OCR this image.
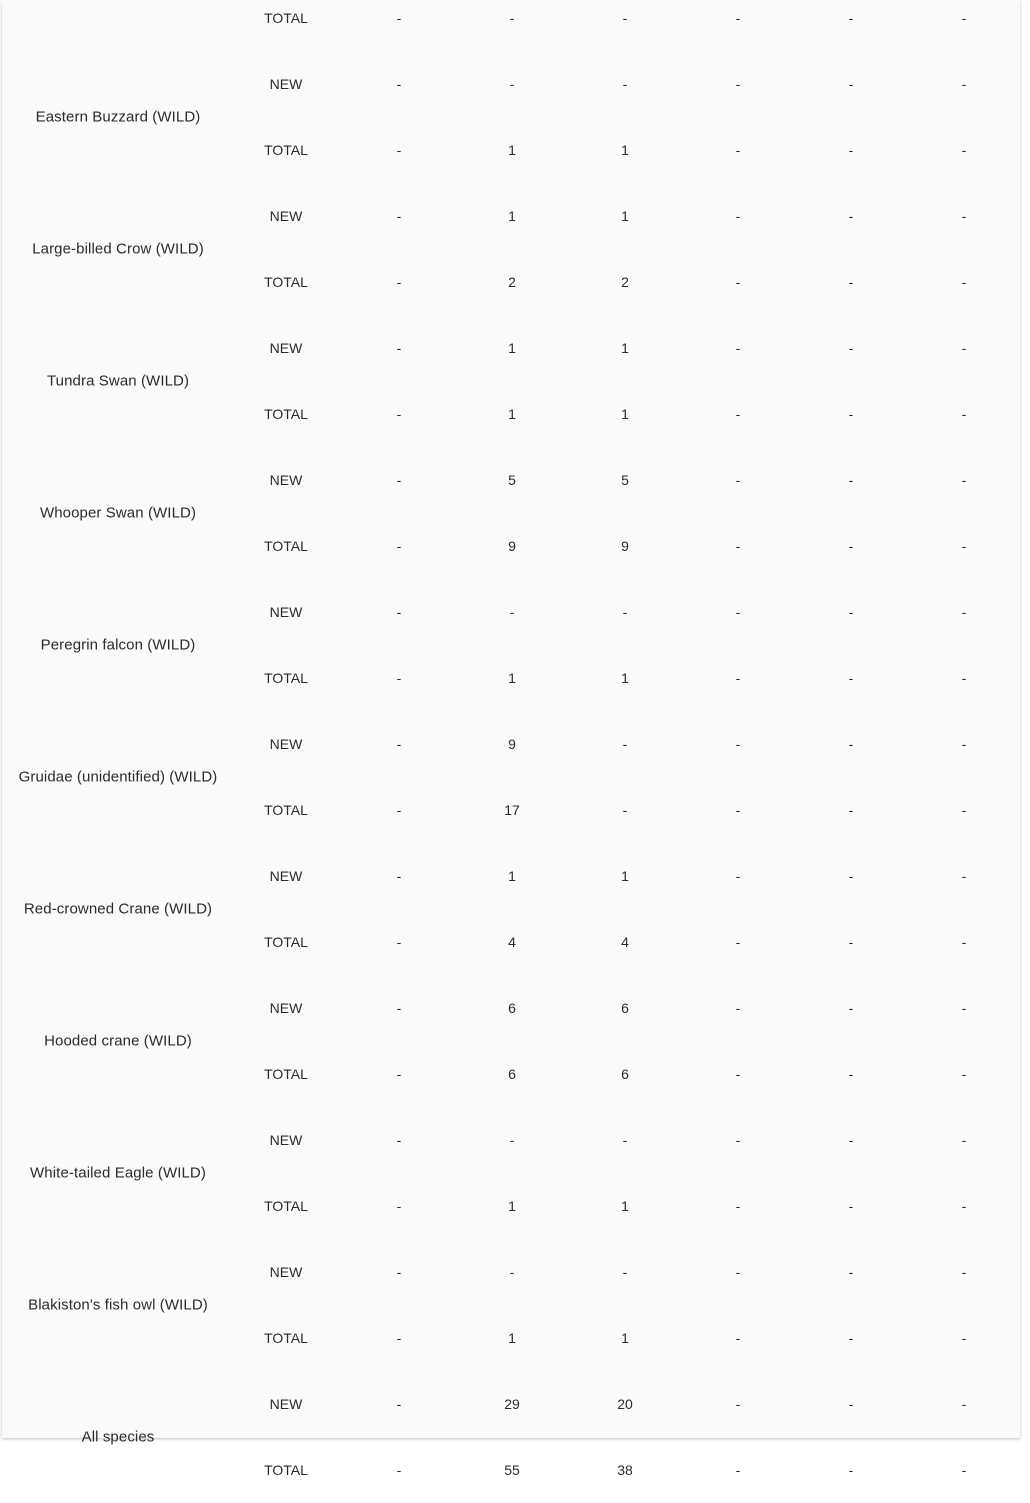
TOTAL	-	-	-	-	-	-
Eastern Buzzard (WILD)
NEW	-	-	-	-	-	-
TOTAL	-	1	1	-	-	-
Large-billed Crow (WILD)
NEW	-	1	1	-	-	-
TOTAL	-	2	2	-	-	-
Tundra Swan (WILD)
NEW	-	1	1	-	-	-
TOTAL	-	1	1	-	-	-
Whooper Swan (WILD)
NEW	-	5	5	-	-	-
TOTAL	-	9	9	-	-	-
Peregrin falcon (WILD)
NEW	-	-	-	-	-	-
TOTAL	-	1	1	-	-	-
Gruidae (unidentified) (WILD)
NEW	-	9	-	-	-	-
TOTAL	-	17	-	-	-	-
Red-crowned Crane (WILD)
NEW	-	1	1	-	-	-
TOTAL	-	4	4	-	-	-
Hooded crane (WILD)
NEW	-	6	6	-	-	-
TOTAL	-	6	6	-	-	-
White-tailed Eagle (WILD)
NEW	-	-	-	-	-	-
TOTAL	-	1	1	-	-	-
Blakiston's fish owl (WILD)
NEW	-	-	-	-	-	-
TOTAL	-	1	1	-	-	-
All species
NEW	-	29	20	-	-	-
TOTAL	-	55	38	-	-	-
